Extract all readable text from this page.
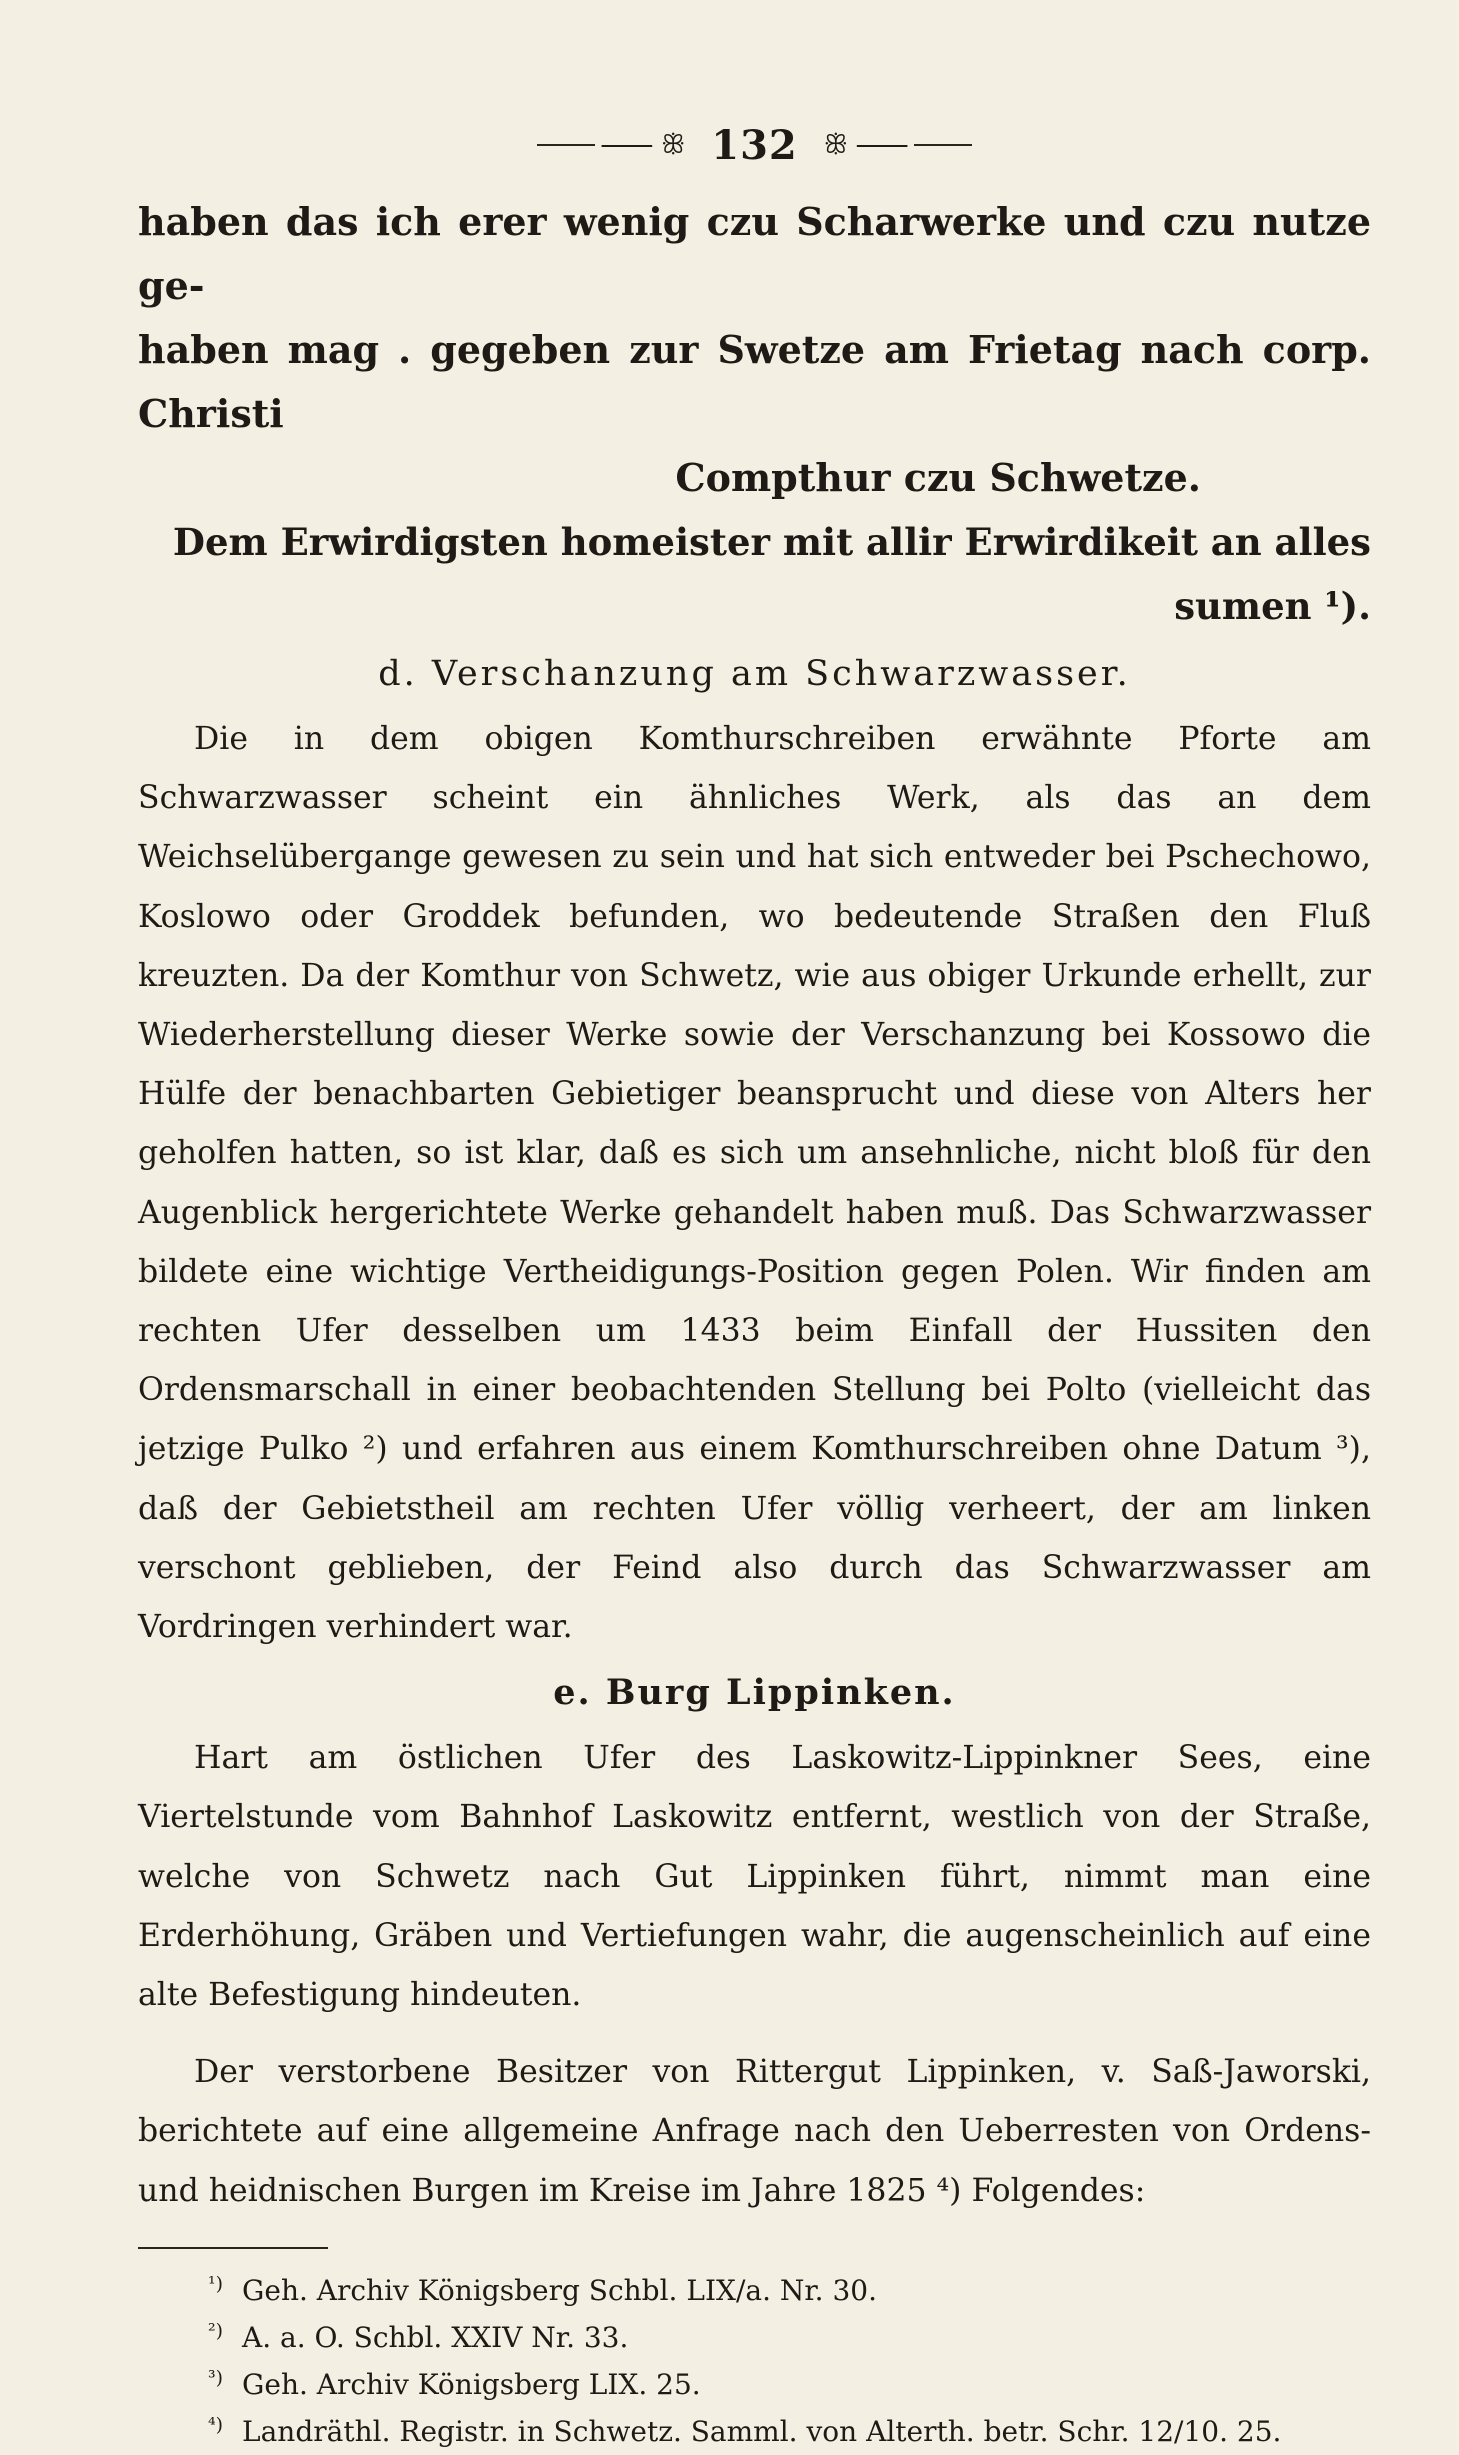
⸺ ꕥ 132 ꕥ ⸺
haben das ich erer wenig czu Scharwerke und czu nutze ge-
haben mag . gegeben zur Swetze am Frietag nach corp. Christi
Compthur czu Schwetze.
Dem Erwirdigsten homeister mit allir Erwirdikeit an alles sumen ¹).
d. Verschanzung am Schwarzwasser.

Die in dem obigen Komthurschreiben erwähnte Pforte am Schwarzwasser scheint ein ähnliches Werk, als das an dem Weichselübergange gewesen zu sein und hat sich entweder bei Pschechowo, Koslowo oder Groddek befunden, wo bedeutende Straßen den Fluß kreuzten. Da der Komthur von Schwetz, wie aus obiger Urkunde erhellt, zur Wiederherstellung dieser Werke sowie der Verschanzung bei Kossowo die Hülfe der benachbarten Gebietiger beansprucht und diese von Alters her geholfen hatten, so ist klar, daß es sich um ansehnliche, nicht bloß für den Augenblick hergerichtete Werke gehandelt haben muß. Das Schwarzwasser bildete eine wichtige Vertheidigungs-Position gegen Polen. Wir finden am rechten Ufer desselben um 1433 beim Einfall der Hussiten den Ordensmarschall in einer beobachtenden Stellung bei Polto (vielleicht das jetzige Pulko ²) und erfahren aus einem Komthurschreiben ohne Datum ³), daß der Gebietstheil am rechten Ufer völlig verheert, der am linken verschont geblieben, der Feind also durch das Schwarzwasser am Vordringen verhindert war.

e. Burg Lippinken.

Hart am östlichen Ufer des Laskowitz-Lippinkner Sees, eine Viertelstunde vom Bahnhof Laskowitz entfernt, westlich von der Straße, welche von Schwetz nach Gut Lippinken führt, nimmt man eine Erderhöhung, Gräben und Vertiefungen wahr, die augenscheinlich auf eine alte Befestigung hindeuten.

Der verstorbene Besitzer von Rittergut Lippinken, v. Saß-Jaworski, berichtete auf eine allgemeine Anfrage nach den Ueberresten von Ordens- und heidnischen Burgen im Kreise im Jahre 1825 ⁴) Folgendes:

¹) Geh. Archiv Königsberg Schbl. LIX/a. Nr. 30.
²) A. a. O. Schbl. XXIV Nr. 33.
³) Geh. Archiv Königsberg LIX. 25.
⁴) Landräthl. Registr. in Schwetz. Samml. von Alterth. betr. Schr. 12/10. 25.
